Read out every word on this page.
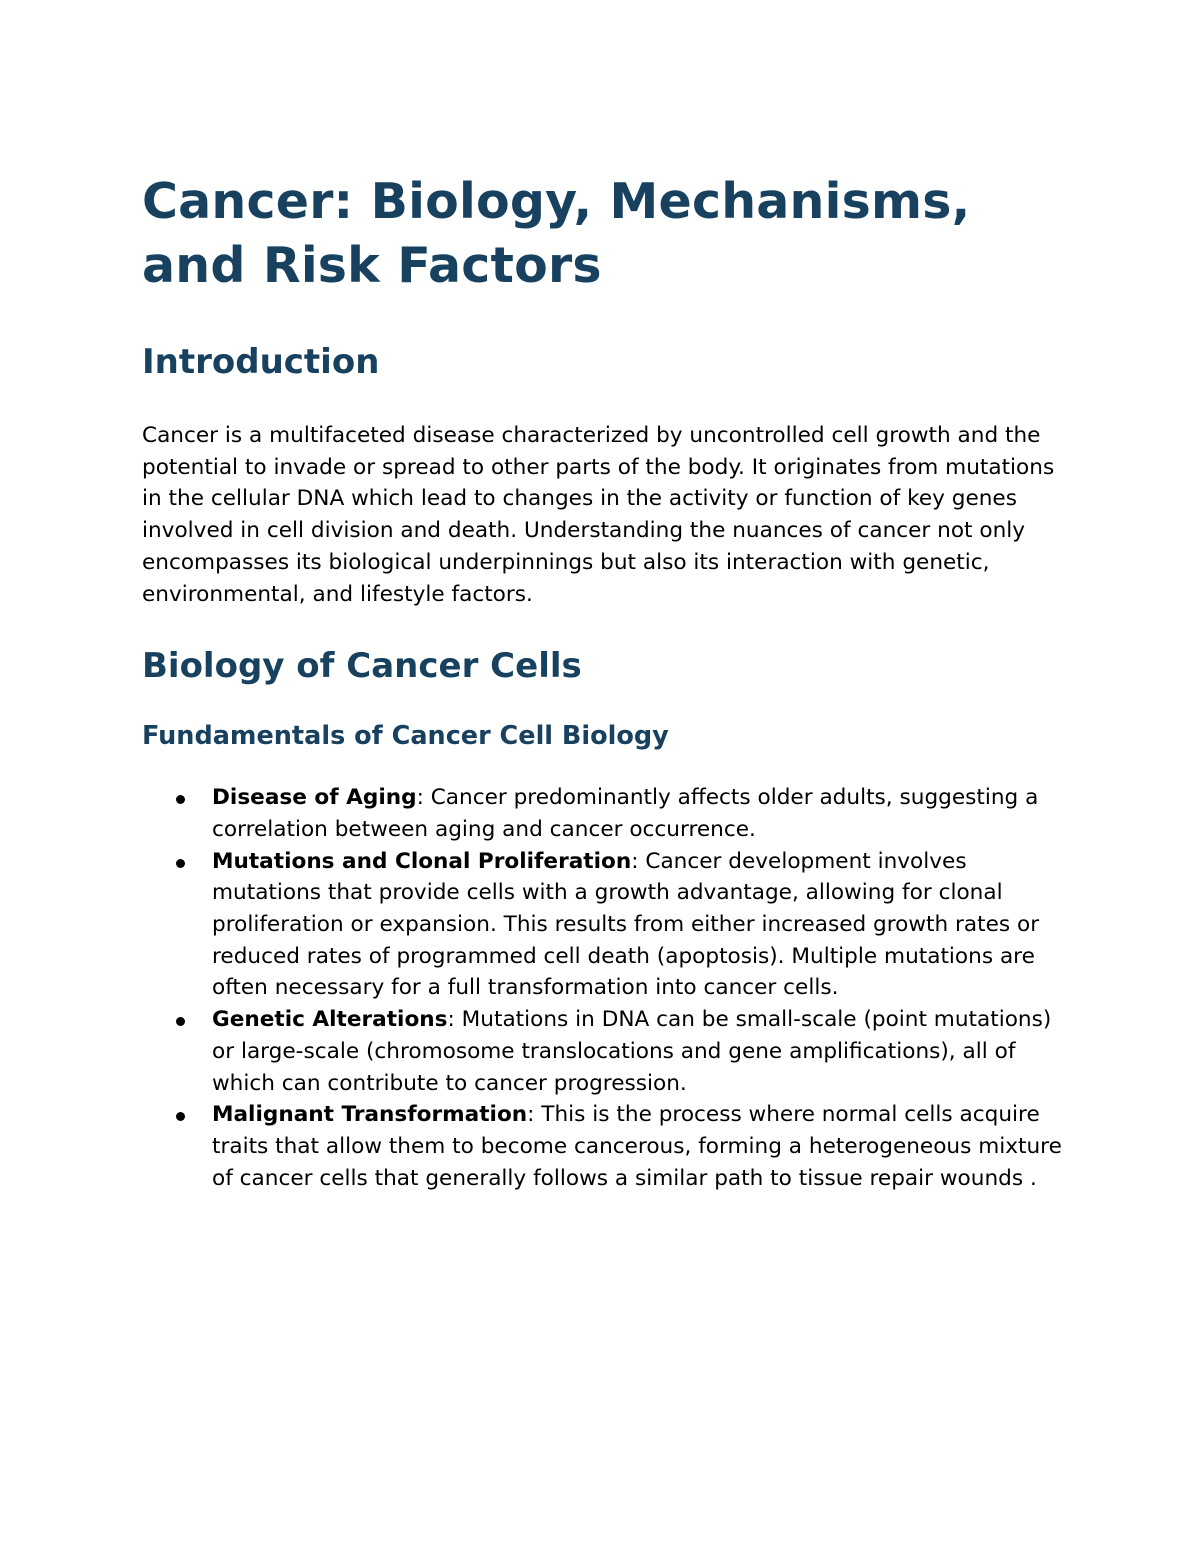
Cancer: Biology, Mechanisms, and Risk Factors
Introduction

Cancer is a multifaceted disease characterized by uncontrolled cell growth and the potential to invade or spread to other parts of the body. It originates from mutations in the cellular DNA which lead to changes in the activity or function of key genes involved in cell division and death. Understanding the nuances of cancer not only encompasses its biological underpinnings but also its interaction with genetic, environmental, and lifestyle factors.

Biology of Cancer Cells
Fundamentals of Cancer Cell Biology
Disease of Aging: Cancer predominantly affects older adults, suggesting a correlation between aging and cancer occurrence.
Mutations and Clonal Proliferation: Cancer development involves mutations that provide cells with a growth advantage, allowing for clonal proliferation or expansion. This results from either increased growth rates or reduced rates of programmed cell death (apoptosis). Multiple mutations are often necessary for a full transformation into cancer cells.
Genetic Alterations: Mutations in DNA can be small-scale (point mutations) or large-scale (chromosome translocations and gene amplifications), all of which can contribute to cancer progression.
Malignant Transformation: This is the process where normal cells acquire traits that allow them to become cancerous, forming a heterogeneous mixture of cancer cells that generally follows a similar path to tissue repair wounds .
